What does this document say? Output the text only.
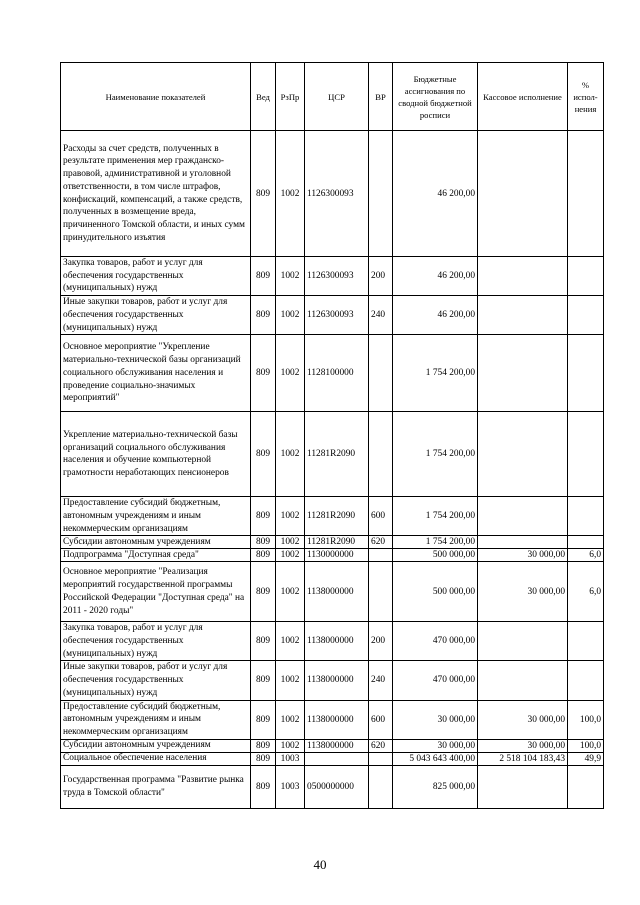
Наименование показателей	Вед	РзПр	ЦСР	ВР	Бюджетные ассигнования по сводной бюджетной росписи	Кассовое исполнение	% испол- нения
Расходы за счет средств, полученных в результате применения мер гражданско-правовой, административной и уголовной ответственности, в том числе штрафов, конфискаций, компенсаций, а также средств, полученных в возмещение вреда, причиненного Томской области, и иных сумм принудительного изъятия	809	1002	1126300093		46 200,00		
Закупка товаров, работ и услуг для обеспечения государственных (муниципальных) нужд	809	1002	1126300093	200	46 200,00		
Иные закупки товаров, работ и услуг для обеспечения государственных (муниципальных) нужд	809	1002	1126300093	240	46 200,00		
Основное мероприятие "Укрепление материально-технической базы организаций социального обслуживания населения и проведение социально-значимых мероприятий"	809	1002	1128100000		1 754 200,00		
Укрепление материально-технической базы организаций социального обслуживания населения и обучение компьютерной грамотности неработающих пенсионеров	809	1002	11281R2090		1 754 200,00		
Предоставление субсидий бюджетным, автономным учреждениям и иным некоммерческим организациям	809	1002	11281R2090	600	1 754 200,00		
Субсидии автономным учреждениям	809	1002	11281R2090	620	1 754 200,00		
Подпрограмма "Доступная среда"	809	1002	1130000000		500 000,00	30 000,00	6,0
Основное мероприятие "Реализация мероприятий государственной программы Российской Федерации "Доступная среда" на 2011 - 2020 годы"	809	1002	1138000000		500 000,00	30 000,00	6,0
Закупка товаров, работ и услуг для обеспечения государственных (муниципальных) нужд	809	1002	1138000000	200	470 000,00		
Иные закупки товаров, работ и услуг для обеспечения государственных (муниципальных) нужд	809	1002	1138000000	240	470 000,00		
Предоставление субсидий бюджетным, автономным учреждениям и иным некоммерческим организациям	809	1002	1138000000	600	30 000,00	30 000,00	100,0
Субсидии автономным учреждениям	809	1002	1138000000	620	30 000,00	30 000,00	100,0
Социальное обеспечение населения	809	1003			5 043 643 400,00	2 518 104 183,43	49,9
Государственная программа "Развитие рынка труда в Томской области"	809	1003	0500000000		825 000,00		
40
